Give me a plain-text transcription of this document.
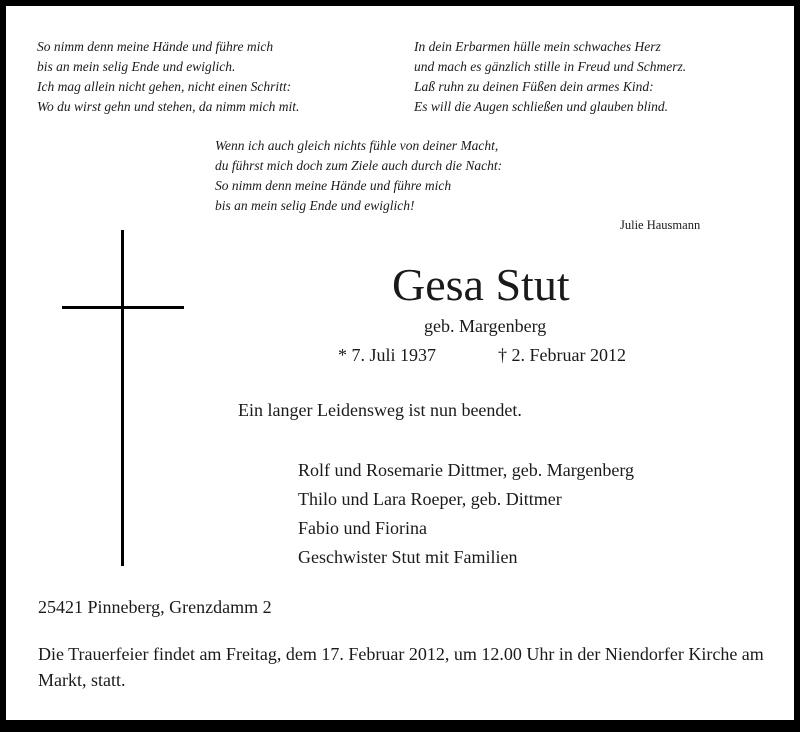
So nimm denn meine Hände und führe mich
bis an mein selig Ende und ewiglich.
Ich mag allein nicht gehen, nicht einen Schritt:
Wo du wirst gehn und stehen, da nimm mich mit.
In dein Erbarmen hülle mein schwaches Herz
und mach es gänzlich stille in Freud und Schmerz.
Laß ruhn zu deinen Füßen dein armes Kind:
Es will die Augen schließen und glauben blind.
Wenn ich auch gleich nichts fühle von deiner Macht,
du führst mich doch zum Ziele auch durch die Nacht:
So nimm denn meine Hände und führe mich
bis an mein selig Ende und ewiglich!
Julie Hausmann
Gesa Stut
geb. Margenberg
* 7. Juli 1937	† 2. Februar 2012
Ein langer Leidensweg ist nun beendet.
Rolf und Rosemarie Dittmer, geb. Margenberg
Thilo und Lara Roeper, geb. Dittmer
Fabio und Fiorina
Geschwister Stut mit Familien
25421 Pinneberg, Grenzdamm 2
Die Trauerfeier findet am Freitag, dem 17. Februar 2012, um 12.00 Uhr in der Niendorfer Kirche am Markt, statt.
